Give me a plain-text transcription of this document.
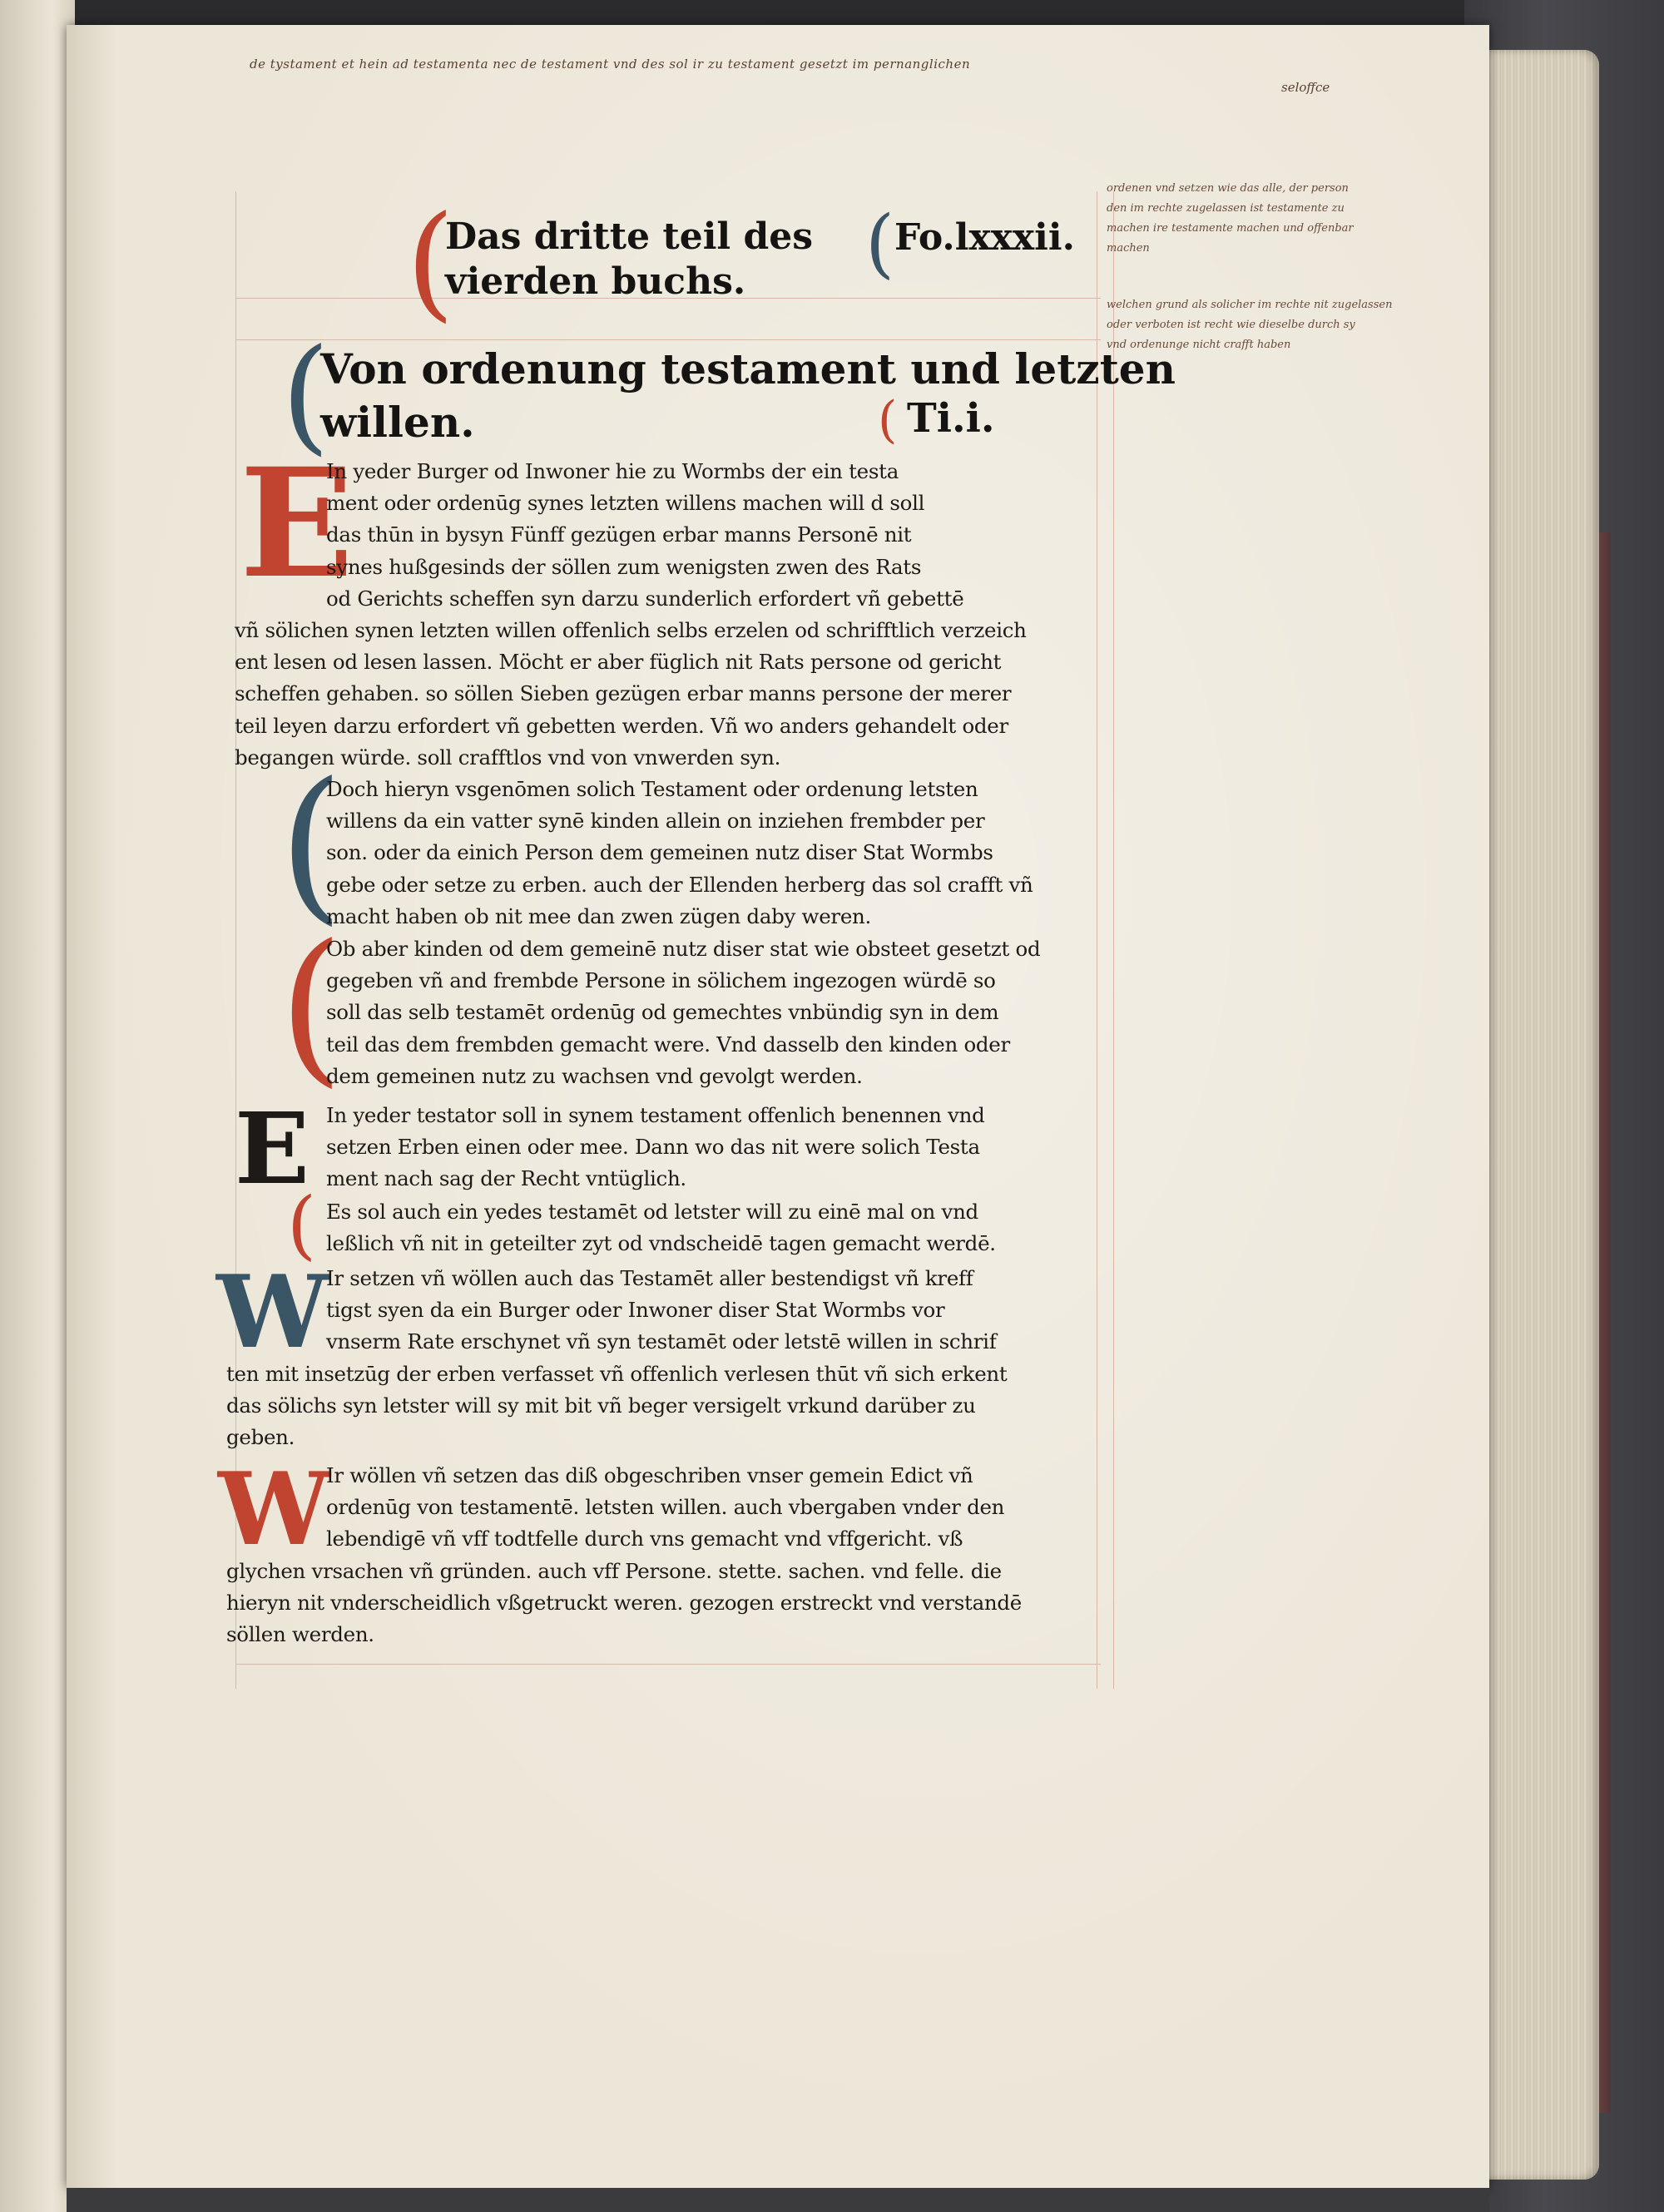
de tystament et hein ad testamenta nec de testament vnd des sol ir zu testament gesetzt im pernanglichen
seloffce
ordenen vnd setzen wie das alle, der person
den im rechte zugelassen ist testamente zu
machen ire testamente machen und offenbar
machen
welchen grund als solicher im rechte nit zugelassen
oder verboten ist recht wie dieselbe durch sy
vnd ordenunge nicht crafft haben
(
Das dritte teil des
vierden buchs.	( Fo.lxxxii.
(
Von ordenung testament und letzten
willen.	( Ti.i.
E
In yeder Burger od Inwoner hie zu Wormbs der ein testa
ment oder ordenūg synes letzten willens machen will d soll
das thūn in bysyn Fünff gezügen erbar manns Personē nit
synes hußgesinds der söllen zum wenigsten zwen des Rats
od Gerichts scheffen syn darzu sunderlich erfordert vñ gebettē
vñ sölichen synen letzten willen offenlich selbs erzelen od schrifftlich verzeich
ent lesen od lesen lassen. Möcht er aber füglich nit Rats persone od gericht
scheffen gehaben. so söllen Sieben gezügen erbar manns persone der merer
teil leyen darzu erfordert vñ gebetten werden. Vñ wo anders gehandelt oder
begangen würde. soll crafftlos vnd von vnwerden syn.
(
Doch hieryn vsgenōmen solich Testament oder ordenung letsten
willens da ein vatter synē kinden allein on inziehen frembder per
son. oder da einich Person dem gemeinen nutz diser Stat Wormbs
gebe oder setze zu erben. auch der Ellenden herberg das sol crafft vñ
macht haben ob nit mee dan zwen zügen daby weren.
(
Ob aber kinden od dem gemeinē nutz diser stat wie obsteet gesetzt od
gegeben vñ and frembde Persone in sölichem ingezogen würdē so
soll das selb testamēt ordenūg od gemechtes vnbündig syn in dem
teil das dem frembden gemacht were. Vnd dasselb den kinden oder
dem gemeinen nutz zu wachsen vnd gevolgt werden.
E In yeder testator soll in synem testament offenlich benennen vnd
setzen Erben einen oder mee. Dann wo das nit were solich Testa
ment nach sag der Recht vntüglich.
( Es sol auch ein yedes testamēt od letster will zu einē mal on vnd
leßlich vñ nit in geteilter zyt od vndscheidē tagen gemacht werdē.
W
Ir setzen vñ wöllen auch das Testamēt aller bestendigst vñ kreff
tigst syen da ein Burger oder Inwoner diser Stat Wormbs vor
vnserm Rate erschynet vñ syn testamēt oder letstē willen in schrif
ten mit insetzūg der erben verfasset vñ offenlich verlesen thūt vñ sich erkent
das sölichs syn letster will sy mit bit vñ beger versigelt vrkund darüber zu
geben.
W
Ir wöllen vñ setzen das diß obgeschriben vnser gemein Edict vñ
ordenūg von testamentē. letsten willen. auch vbergaben vnder den
lebendigē vñ vff todtfelle durch vns gemacht vnd vffgericht. vß
glychen vrsachen vñ gründen. auch vff Persone. stette. sachen. vnd felle. die
hieryn nit vnderscheidlich vßgetruckt weren. gezogen erstreckt vnd verstandē
söllen werden.
